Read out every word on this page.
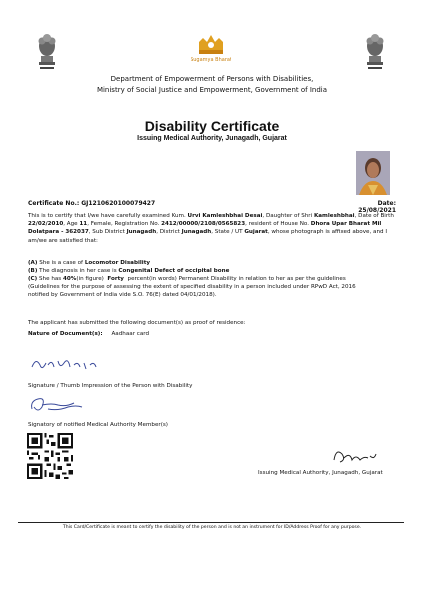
Sugamya Bharat
Department of Empowerment of Persons with Disabilities,
Ministry of Social Justice and Empowerment, Government of India
Disability Certificate
Issuing Medical Authority, Junagadh, Gujarat
Certificate No.: GJ1210620100079427	Date: 25/08/2021
This is to certify that I/we have carefully examined Kum. Urvi Kamleshbhai Desai, Daughter of Shri Kamleshbhai, Date of Birth 22/02/2010, Age 11, Female, Registration No. 2412/00000/2108/0565823, resident of House No. Dhora Upar Bharat Mil Dolatpara - 362037, Sub District Junagadh, District Junagadh, State / UT Gujarat, whose photograph is affixed above, and I am/we are satisfied that:
(A) She is a case of Locomotor Disability
(B) The diagnosis in her case is Congenital Defect of occipital bone
(C) She has 40%(in figure) Forty percent(in words) Permanent Disability in relation to her as per the guidelines
(Guidelines for the purpose of assessing the extent of specified disability in a person included under RPwD Act, 2016
notified by Government of India vide S.O. 76(E) dated 04/01/2018).
The applicant has submitted the following document(s) as proof of residence:
Nature of Document(s): Aadhaar card
Signature / Thumb Impression of the Person with Disability
Signatory of notified Medical Authority Member(s)
Issuing Medical Authority, Junagadh, Gujarat
This Card/Certificate is meant to certify the disability of the person and is not an instrument for ID/Address Proof for any purpose.
